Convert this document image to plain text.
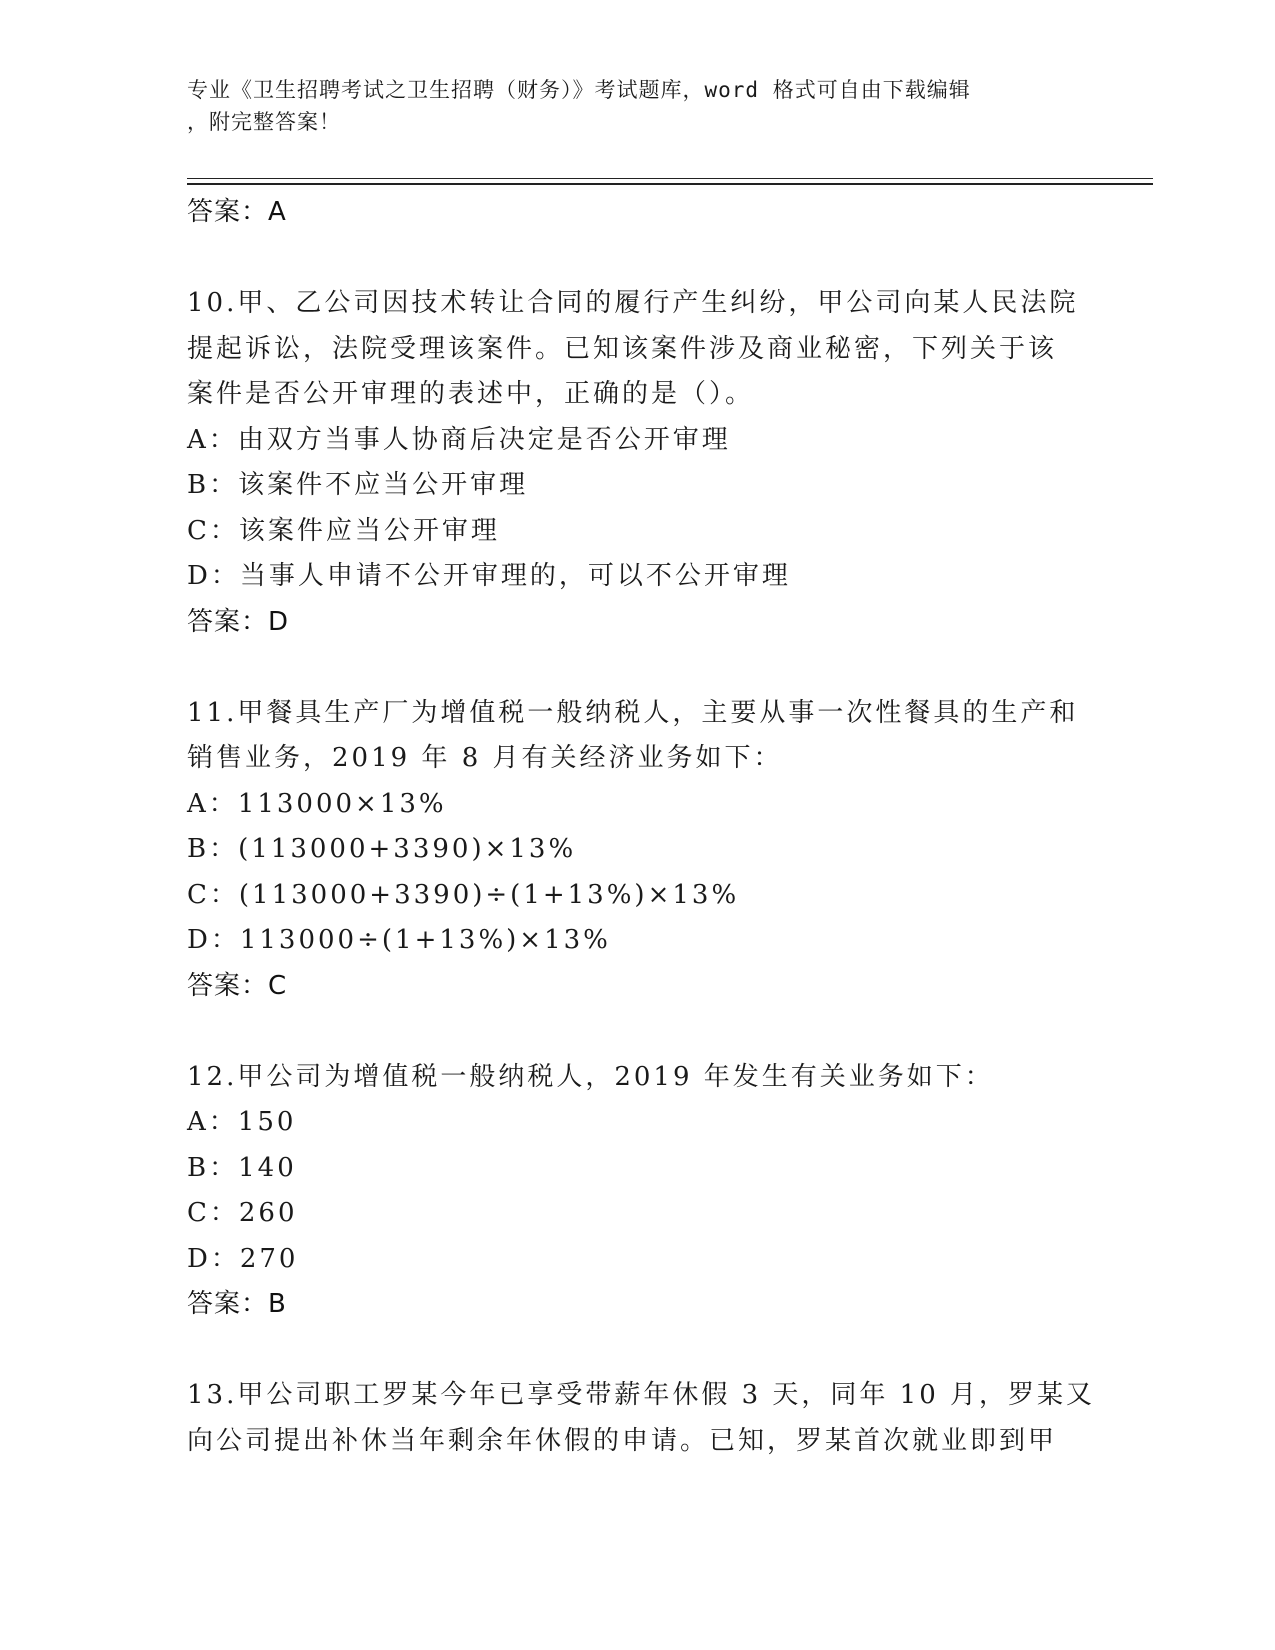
专业《卫生招聘考试之卫生招聘（财务）》考试题库，word 格式可自由下载编辑
，附完整答案！
答案：A
10.甲、乙公司因技术转让合同的履行产生纠纷，甲公司向某人民法院
提起诉讼，法院受理该案件。已知该案件涉及商业秘密，下列关于该
案件是否公开审理的表述中，正确的是（）。
A：由双方当事人协商后决定是否公开审理
B：该案件不应当公开审理
C：该案件应当公开审理
D：当事人申请不公开审理的，可以不公开审理
答案：D
11.甲餐具生产厂为增值税一般纳税人，主要从事一次性餐具的生产和
销售业务，2019 年 8 月有关经济业务如下：
A：113000×13%
B：(113000+3390)×13%
C：(113000+3390)÷(1+13%)×13%
D：113000÷(1+13%)×13%
答案：C
12.甲公司为增值税一般纳税人，2019 年发生有关业务如下：
A：150
B：140
C：260
D：270
答案：B
13.甲公司职工罗某今年已享受带薪年休假 3 天，同年 10 月，罗某又
向公司提出补休当年剩余年休假的申请。已知，罗某首次就业即到甲
